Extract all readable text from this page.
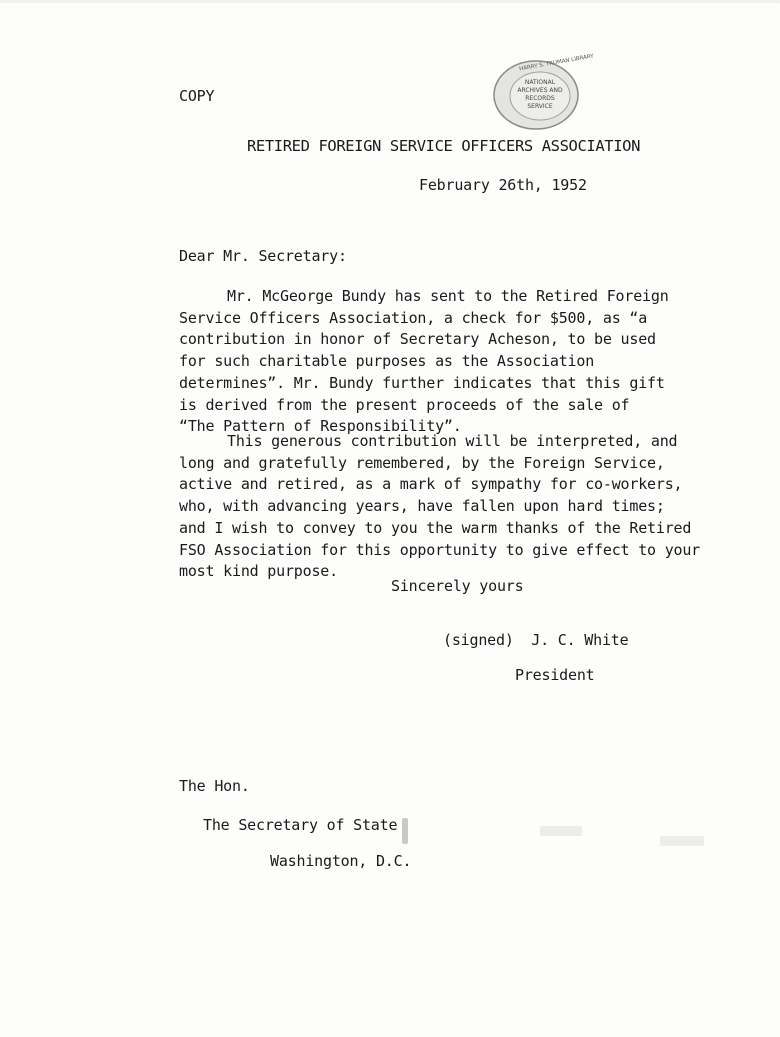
NATIONAL
ARCHIVES AND
RECORDS
SERVICE
HARRY S. TRUMAN LIBRARY
COPY
RETIRED FOREIGN SERVICE OFFICERS ASSOCIATION
February 26th, 1952
Dear Mr. Secretary:
Mr. McGeorge Bundy has sent to the Retired Foreign
Service Officers Association, a check for $500, as “a
contribution in honor of Secretary Acheson, to be used
for such charitable purposes as the Association
determines”. Mr. Bundy further indicates that this gift
is derived from the present proceeds of the sale of
“The Pattern of Responsibility”.
This generous contribution will be interpreted, and
long and gratefully remembered, by the Foreign Service,
active and retired, as a mark of sympathy for co-workers,
who, with advancing years, have fallen upon hard times;
and I wish to convey to you the warm thanks of the Retired
FSO Association for this opportunity to give effect to your
most kind purpose.
Sincerely yours
(signed)  J. C. White
President
The Hon.
The Secretary of State
Washington, D.C.
